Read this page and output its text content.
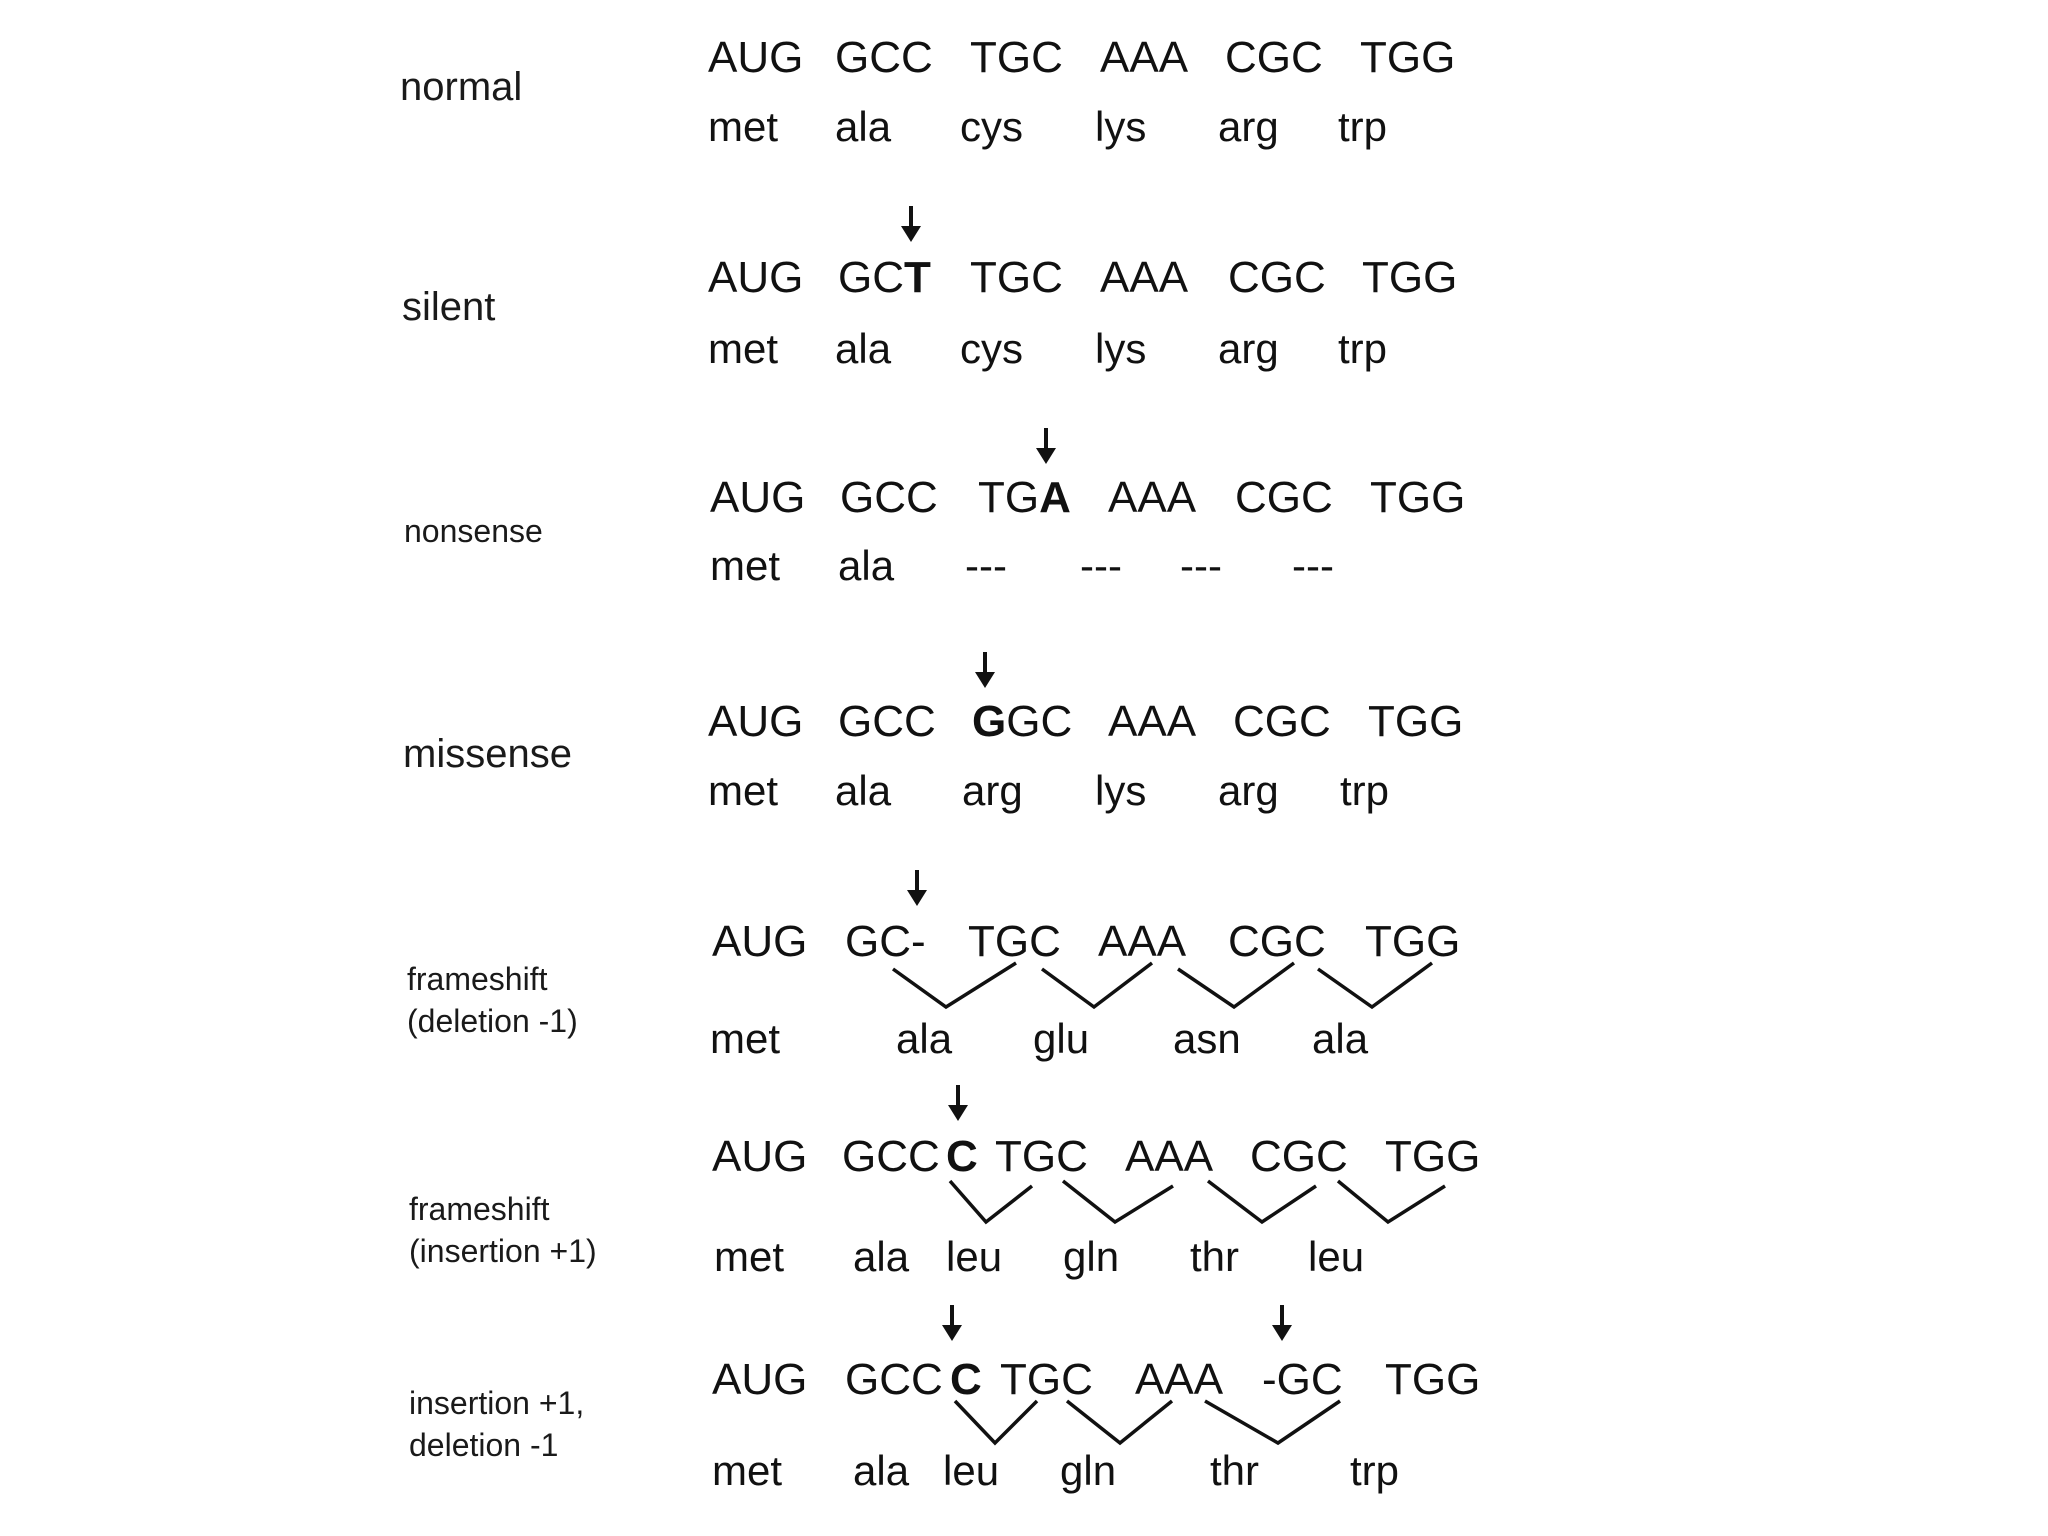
normal
AUG GCC TGC AAA CGC TGG
met ala cys lys arg trp
silent
AUG GCT TGC AAA CGC TGG
met ala cys lys arg trp
nonsense
AUG GCC TGA AAA CGC TGG
met ala --- --- --- ---
missense
AUG GCC GGC AAA CGC TGG
met ala arg lys arg trp
frameshift
(deletion -1)
AUG GC- TGC AAA CGC TGG
met	ala glu asn ala
frameshift
(insertion +1)
AUG GCC C TGC AAA CGC TGG
met ala leu gln thr leu
insertion +1,
deletion -1
AUG GCC C TGC AAA -GC TGG
met ala leu gln thr trp
